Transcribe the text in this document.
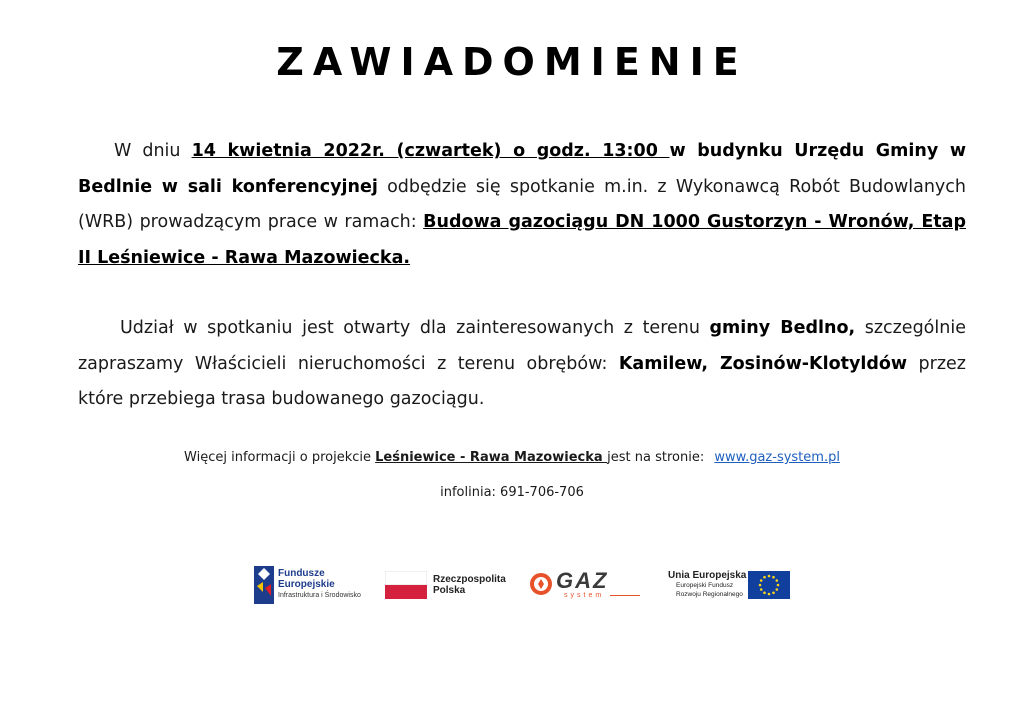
ZAWIADOMIENIE
W dniu 14 kwietnia 2022r. (czwartek) o godz. 13:00 w budynku Urzędu Gminy w Bedlnie w sali konferencyjnej odbędzie się spotkanie m.in. z Wykonawcą Robót Budowlanych (WRB) prowadzącym prace w ramach: Budowa gazociągu DN 1000 Gustorzyn - Wronów, Etap II Leśniewice - Rawa Mazowiecka.
Udział w spotkaniu jest otwarty dla zainteresowanych z terenu gminy Bedlno, szczególnie zapraszamy Właścicieli nieruchomości z terenu obrębów: Kamilew, Zosinów-Klotyldów przez które przebiega trasa budowanego gazociągu.
Więcej informacji o projekcie Leśniewice - Rawa Mazowiecka jest na stronie: www.gaz-system.pl
infolinia: 691-706-706
Fundusze
Europejskie
Infrastruktura i Środowisko
Rzeczpospolita
Polska	GAZ
system
Unia Europejska
Europejski Fundusz
Rozwoju Regionalnego
